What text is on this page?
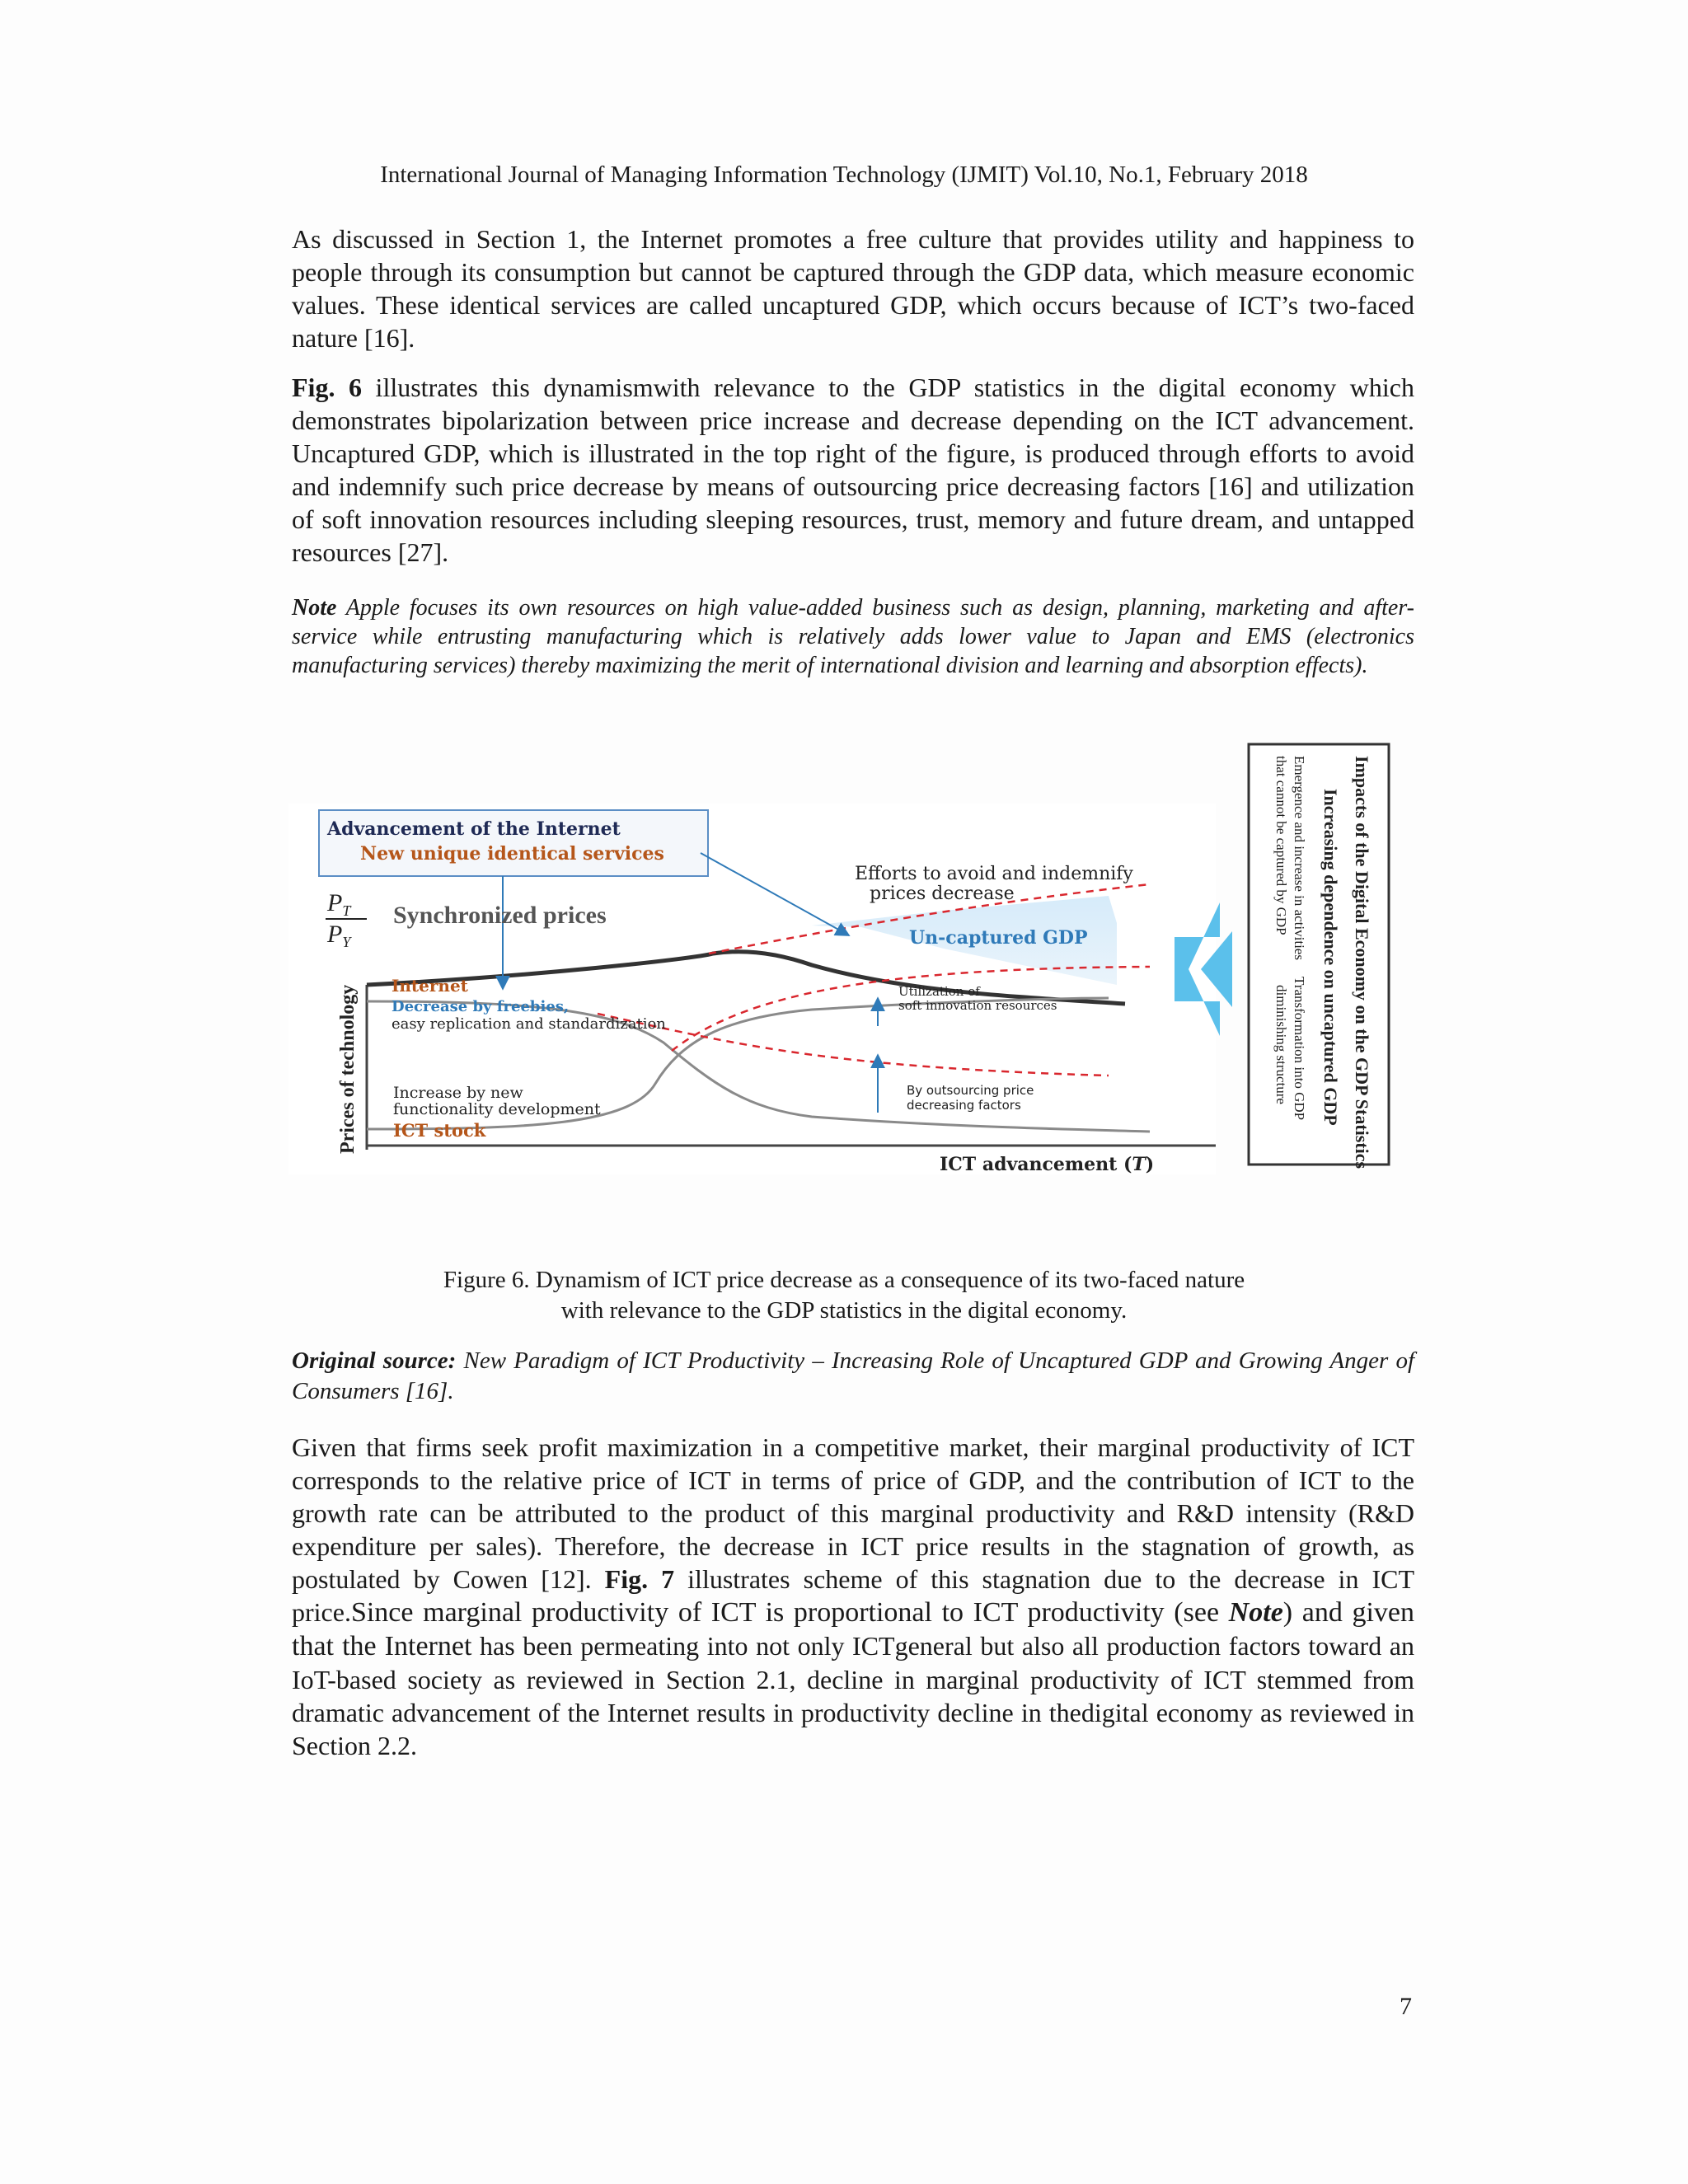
International Journal of Managing Information Technology (IJMIT) Vol.10, No.1, February 2018

As discussed in Section 1, the Internet promotes a free culture that provides utility and happiness to people through its consumption but cannot be captured through the GDP data, which measure economic values. These identical services are called uncaptured GDP, which occurs because of ICT’s two-faced nature [16].

Fig. 6 illustrates this dynamismwith relevance to the GDP statistics in the digital economy which demonstrates bipolarization between price increase and decrease depending on the ICT advancement. Uncaptured GDP, which is illustrated in the top right of the figure, is produced through efforts to avoid and indemnify such price decrease by means of outsourcing price decreasing factors [16] and utilization of soft innovation resources including sleeping resources, trust, memory and future dream, and untapped resources [27].

Note Apple focuses its own resources on high value-added business such as design, planning, marketing and after-service while entrusting manufacturing which is relatively adds lower value to Japan and EMS (electronics manufacturing services) thereby maximizing the merit of international division and learning and absorption effects).

Advancement of the Internet
New unique identical services
Efforts to avoid and indemnify
prices decrease
Un-captured GDP
$P_T$
$P_Y$
Synchronized prices
Internet
Decrease by freebies,
easy replication and standardization
Utilization of
soft innovation resources
By outsourcing price
decreasing factors
Increase by new
functionality development
ICT stock
Prices of technology
ICT advancement (T)	Impacts of the Digital Economy on the GDP Statistics
Increasing dependence on uncaptured GDP
Emergence and increase in activities
that cannot be captured by GDP
Transformation into GDP
diminishing structure
Figure 6. Dynamism of ICT price decrease as a consequence of its two-faced nature
with relevance to the GDP statistics in the digital economy.

Original source: New Paradigm of ICT Productivity – Increasing Role of Uncaptured GDP and Growing Anger of Consumers [16].

Given that firms seek profit maximization in a competitive market, their marginal productivity of ICT corresponds to the relative price of ICT in terms of price of GDP, and the contribution of ICT to the growth rate can be attributed to the product of this marginal productivity and R&D intensity (R&D expenditure per sales). Therefore, the decrease in ICT price results in the stagnation of growth, as postulated by Cowen [12]. Fig. 7 illustrates scheme of this stagnation due to the decrease in ICT price.Since marginal productivity of ICT is proportional to ICT productivity (see Note) and given that the Internet has been permeating into not only ICTgeneral but also all production factors toward an IoT-based society as reviewed in Section 2.1, decline in marginal productivity of ICT stemmed from dramatic advancement of the Internet results in productivity decline in thedigital economy as reviewed in Section 2.2.

7
